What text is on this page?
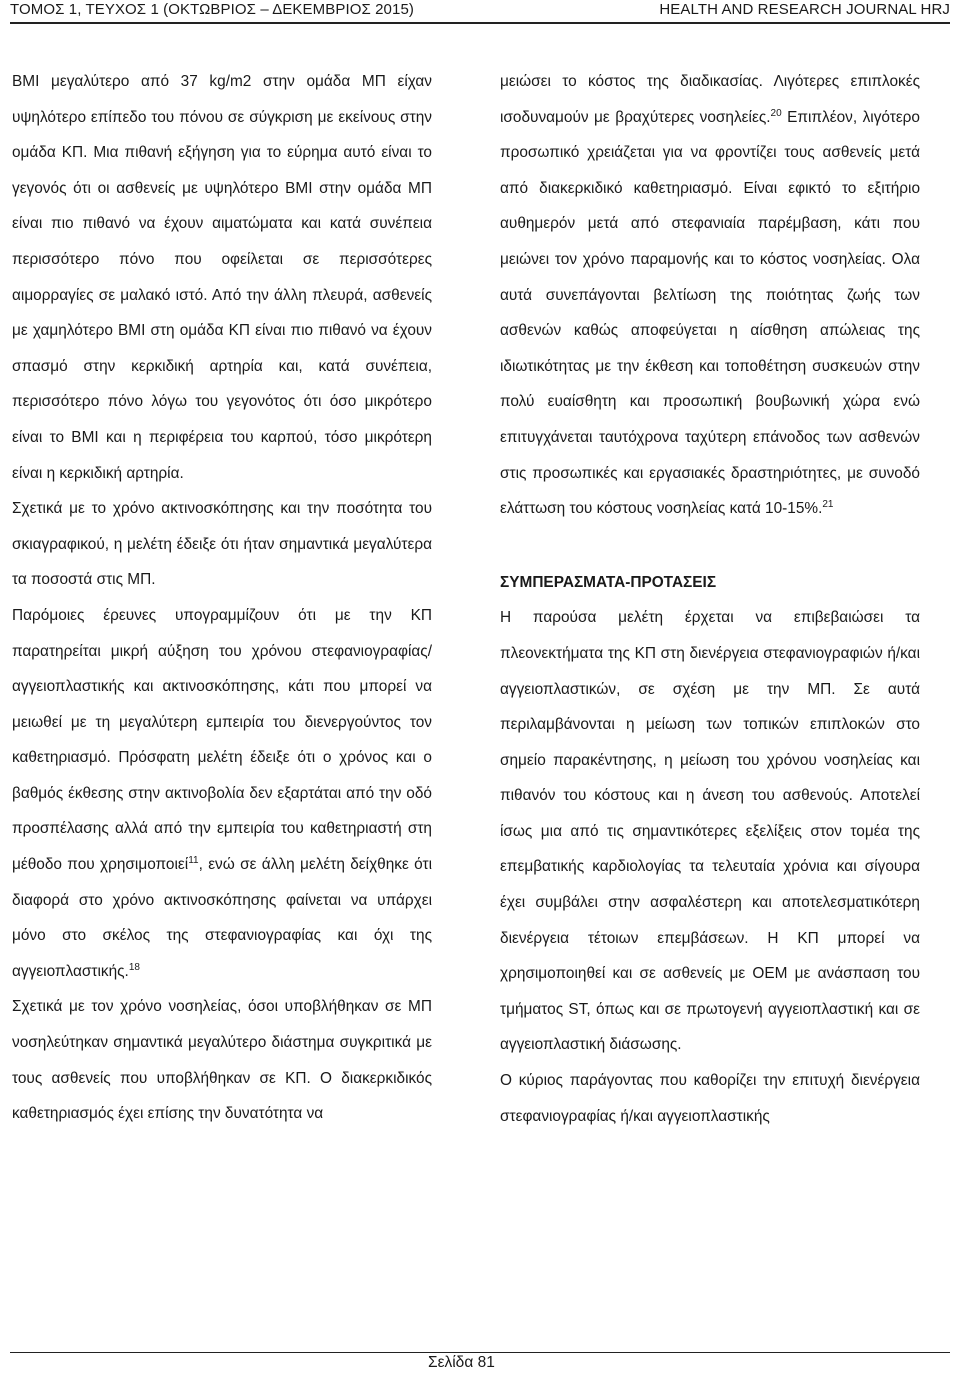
ΤΟΜΟΣ 1, ΤΕΥΧΟΣ 1 (ΟΚΤΩΒΡΙΟΣ – ΔΕΚΕΜΒΡΙΟΣ 2015)	HEALTH AND RESEARCH JOURNAL HRJ

BMI μεγαλύτερο από 37 kg/m2 στην ομάδα ΜΠ είχαν υψηλότερο επίπεδο του πόνου σε σύγκριση με εκείνους στην ομάδα ΚΠ. Μια πιθανή εξήγηση για το εύρημα αυτό είναι το γεγονός ότι οι ασθενείς με υψηλότερο BMI στην ομάδα ΜΠ είναι πιο πιθανό να έχουν αιματώματα και κατά συνέπεια περισσότερο πόνο που οφείλεται σε περισσότερες αιμορραγίες σε μαλακό ιστό. Από την άλλη πλευρά, ασθενείς με χαμηλότερο BMI στη ομάδα ΚΠ είναι πιο πιθανό να έχουν σπασμό στην κερκιδική αρτηρία και, κατά συνέπεια, περισσότερο πόνο λόγω του γεγονότος ότι όσο μικρότερο είναι το BMI και η περιφέρεια του καρπού, τόσο μικρότερη είναι η κερκιδική αρτηρία.

Σχετικά με το χρόνο ακτινοσκόπησης και την ποσότητα του σκιαγραφικού, η μελέτη έδειξε ότι ήταν σημαντικά μεγαλύτερα τα ποσοστά στις ΜΠ.

Παρόμοιες έρευνες υπογραμμίζουν ότι με την ΚΠ παρατηρείται μικρή αύξηση του χρόνου στεφανιογραφίας/αγγειοπλαστικής και ακτινοσκόπησης, κάτι που μπορεί να μειωθεί με τη μεγαλύτερη εμπειρία του διενεργούντος τον καθετηριασμό. Πρόσφατη μελέτη έδειξε ότι ο χρόνος και ο βαθμός έκθεσης στην ακτινοβολία δεν εξαρτάται από την οδό προσπέλασης αλλά από την εμπειρία του καθετηριαστή στη μέθοδο που χρησιμοποιεί$^{11}$, ενώ σε άλλη μελέτη δείχθηκε ότι διαφορά στο χρόνο ακτινοσκόπησης φαίνεται να υπάρχει μόνο στο σκέλος της στεφανιογραφίας και όχι της αγγειοπλαστικής.$^{18}$

Σχετικά με τον χρόνο νοσηλείας, όσοι υποβλήθηκαν σε ΜΠ νοσηλεύτηκαν σημαντικά μεγαλύτερο διάστημα συγκριτικά με τους ασθενείς που υποβλήθηκαν σε ΚΠ. Ο διακερκιδικός καθετηριασμός έχει επίσης την δυνατότητα να

μειώσει το κόστος της διαδικασίας. Λιγότερες επιπλοκές ισοδυναμούν με βραχύτερες νοσηλείες.$^{20}$ Επιπλέον, λιγότερο προσωπικό χρειάζεται για να φροντίζει τους ασθενείς μετά από διακερκιδικό καθετηριασμό. Είναι εφικτό το εξιτήριο αυθημερόν μετά από στεφανιαία παρέμβαση, κάτι που μειώνει τον χρόνο παραμονής και το κόστος νοσηλείας. Ολα αυτά συνεπάγονται βελτίωση της ποιότητας ζωής των ασθενών καθώς αποφεύγεται η αίσθηση απώλειας της ιδιωτικότητας με την έκθεση και τοποθέτηση συσκευών στην πολύ ευαίσθητη και προσωπική βουβωνική χώρα ενώ επιτυγχάνεται ταυτόχρονα ταχύτερη επάνοδος των ασθενών στις προσωπικές και εργασιακές δραστηριότητες, με συνοδό ελάττωση του κόστους νοσηλείας κατά 10-15%.$^{21}$

ΣΥΜΠΕΡΑΣΜΑΤΑ-ΠΡΟΤΑΣΕΙΣ

Η παρούσα μελέτη έρχεται να επιβεβαιώσει τα πλεονεκτήματα της ΚΠ στη διενέργεια στεφανιογραφιών ή/και αγγειοπλαστικών, σε σχέση με την ΜΠ. Σε αυτά περιλαμβάνονται η μείωση των τοπικών επιπλοκών στο σημείο παρακέντησης, η μείωση του χρόνου νοσηλείας και πιθανόν του κόστους και η άνεση του ασθενούς. Αποτελεί ίσως μια από τις σημαντικότερες εξελίξεις στον τομέα της επεμβατικής καρδιολογίας τα τελευταία χρόνια και σίγουρα έχει συμβάλει στην ασφαλέστερη και αποτελεσματικότερη διενέργεια τέτοιων επεμβάσεων. Η ΚΠ μπορεί να χρησιμοποιηθεί και σε ασθενείς με ΟΕΜ με ανάσπαση του τμήματος ST, όπως και σε πρωτογενή αγγειοπλαστική και σε αγγειοπλαστική διάσωσης.

Ο κύριος παράγοντας που καθορίζει την επιτυχή διενέργεια στεφανιογραφίας ή/και αγγειοπλαστικής

Σελίδα 81
